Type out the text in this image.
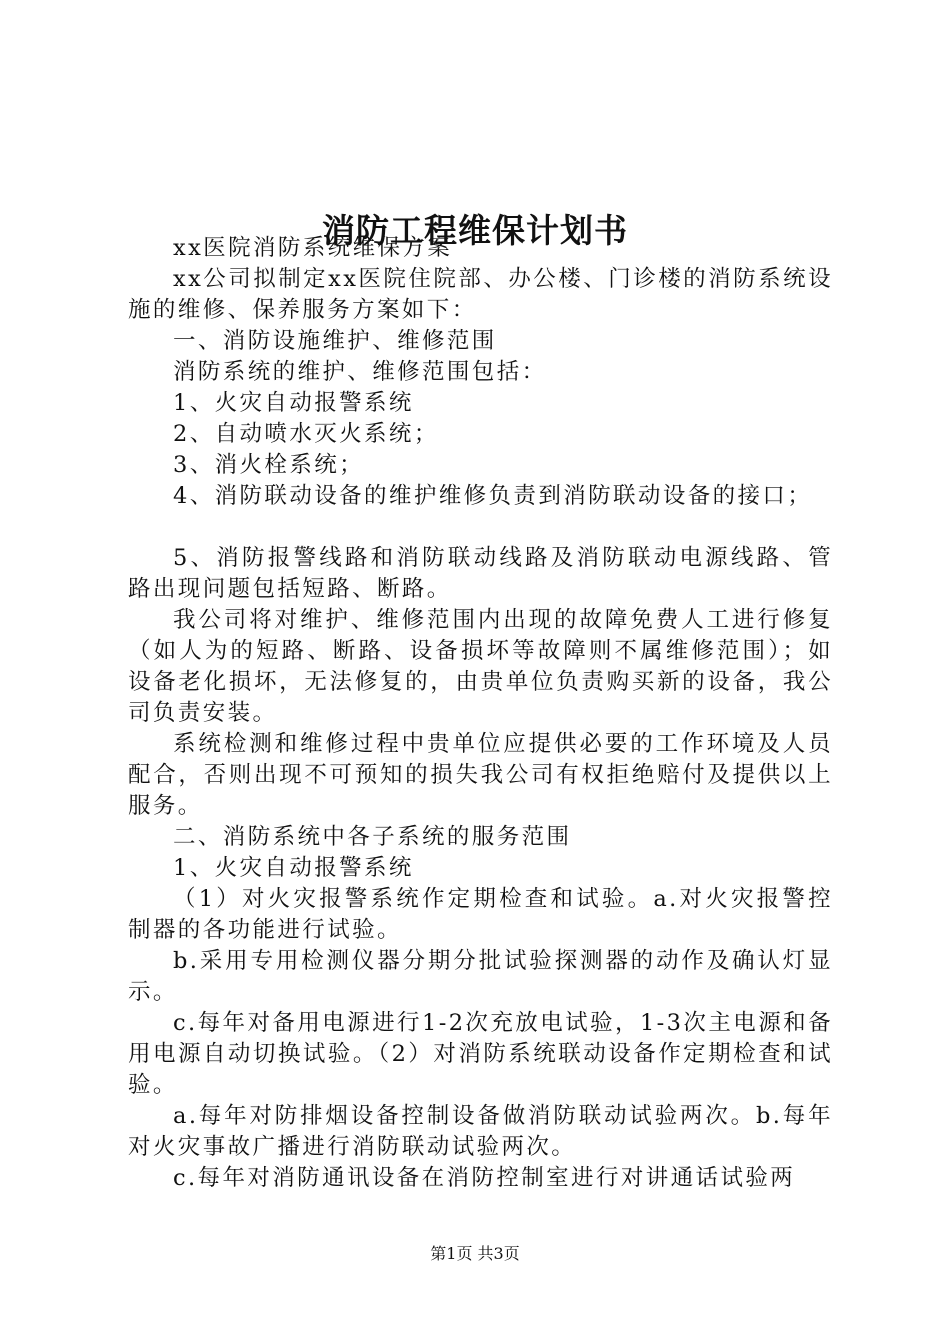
消防工程维保计划书

xx医院消防系统维保方案

xx公司拟制定xx医院住院部、办公楼、门诊楼的消防系统设施的维修、保养服务方案如下：

一、消防设施维护、维修范围

消防系统的维护、维修范围包括：

1、火灾自动报警系统

2、自动喷水灭火系统；

3、消火栓系统；

4、消防联动设备的维护维修负责到消防联动设备的接口；

5、消防报警线路和消防联动线路及消防联动电源线路、管路出现问题包括短路、断路。

我公司将对维护、维修范围内出现的故障免费人工进行修复（如人为的短路、断路、设备损坏等故障则不属维修范围）；如设备老化损坏，无法修复的，由贵单位负责购买新的设备，我公司负责安装。

系统检测和维修过程中贵单位应提供必要的工作环境及人员配合，否则出现不可预知的损失我公司有权拒绝赔付及提供以上服务。

二、消防系统中各子系统的服务范围

1、火灾自动报警系统

（1）对火灾报警系统作定期检查和试验。a.对火灾报警控制器的各功能进行试验。

b.采用专用检测仪器分期分批试验探测器的动作及确认灯显示。

c.每年对备用电源进行1-2次充放电试验，1-3次主电源和备用电源自动切换试验。（2）对消防系统联动设备作定期检查和试验。

a.每年对防排烟设备控制设备做消防联动试验两次。b.每年对火灾事故广播进行消防联动试验两次。

c.每年对消防通讯设备在消防控制室进行对讲通话试验两

第1页 共3页
